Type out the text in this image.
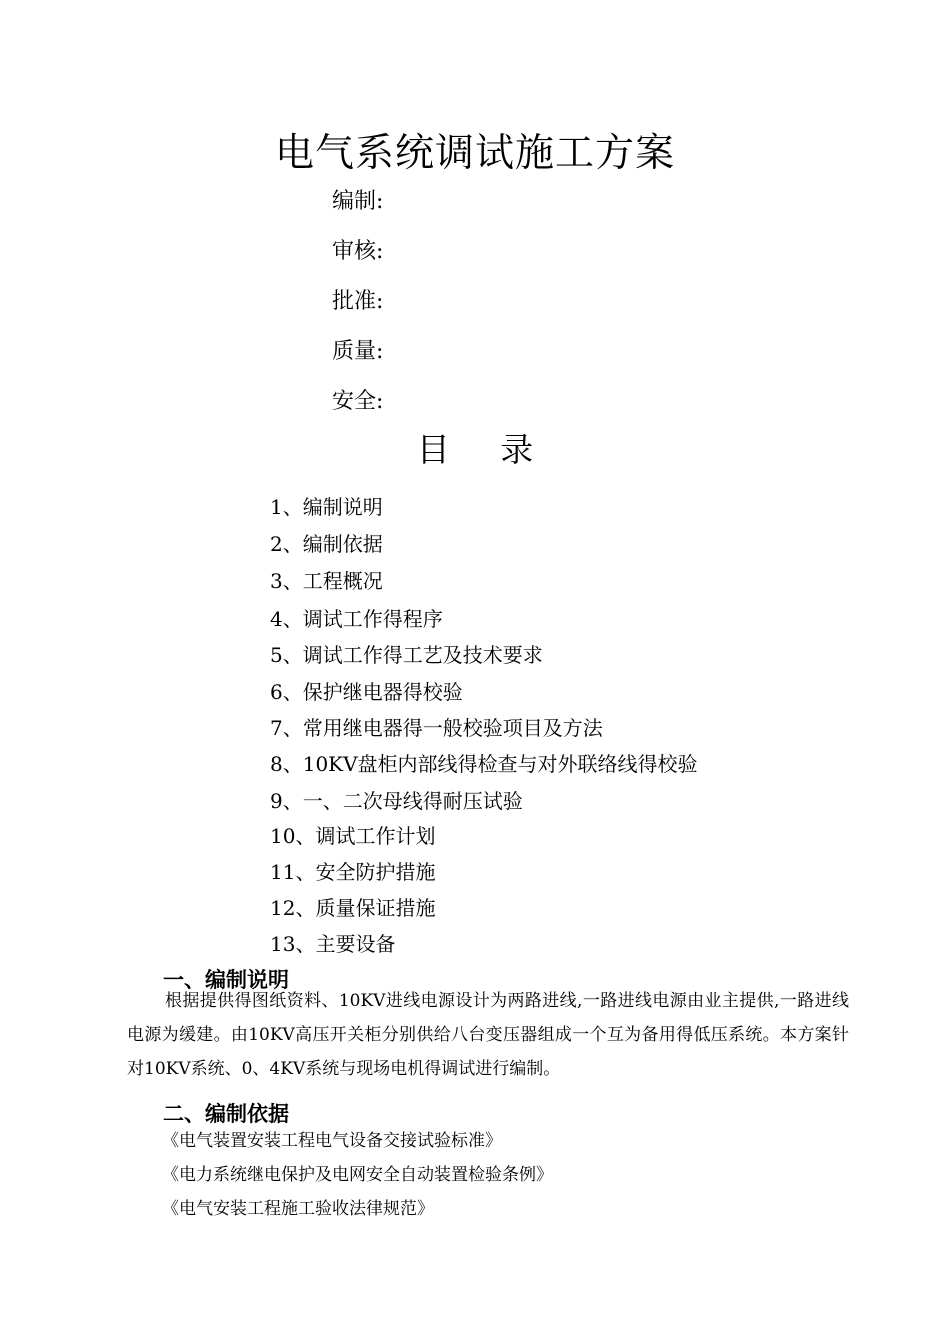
电气系统调试施工方案
编制:
审核:
批准:
质量:
安全:
目 录
1、编制说明
2、编制依据
3、工程概况
4、调试工作得程序
5、调试工作得工艺及技术要求
6、保护继电器得校验
7、常用继电器得一般校验项目及方法
8、10KV盘柜内部线得检查与对外联络线得校验
9、一、二次母线得耐压试验
10、调试工作计划
11、安全防护措施
12、质量保证措施
13、主要设备
一、编制说明

根据提供得图纸资料、10KV进线电源设计为两路进线,一路进线电源由业主提供,一路进线电源为缓建。由10KV高压开关柜分别供给八台变压器组成一个互为备用得低压系统。本方案针对10KV系统、0、4KV系统与现场电机得调试进行编制。

二、编制依据
《电气装置安装工程电气设备交接试验标准》
《电力系统继电保护及电网安全自动装置检验条例》
《电气安装工程施工验收法律规范》
